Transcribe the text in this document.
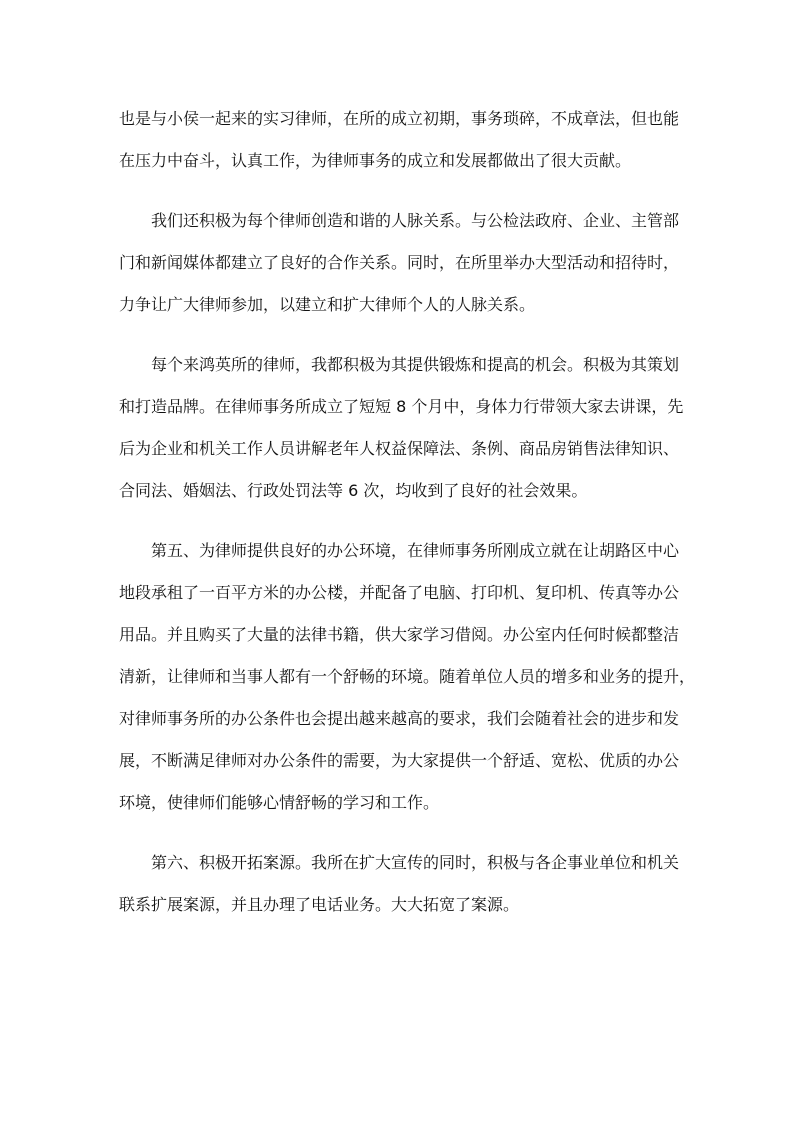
也是与小侯一起来的实习律师，在所的成立初期，事务琐碎，不成章法，但也能
在压力中奋斗，认真工作，为律师事务的成立和发展都做出了很大贡献。
我们还积极为每个律师创造和谐的人脉关系。与公检法政府、企业、主管部
门和新闻媒体都建立了良好的合作关系。同时，在所里举办大型活动和招待时，
力争让广大律师参加，以建立和扩大律师个人的人脉关系。
每个来鸿英所的律师，我都积极为其提供锻炼和提高的机会。积极为其策划
和打造品牌。在律师事务所成立了短短 8 个月中，身体力行带领大家去讲课，先
后为企业和机关工作人员讲解老年人权益保障法、条例、商品房销售法律知识、
合同法、婚姻法、行政处罚法等 6 次，均收到了良好的社会效果。
第五、为律师提供良好的办公环境，在律师事务所刚成立就在让胡路区中心
地段承租了一百平方米的办公楼，并配备了电脑、打印机、复印机、传真等办公
用品。并且购买了大量的法律书籍，供大家学习借阅。办公室内任何时候都整洁
清新，让律师和当事人都有一个舒畅的环境。随着单位人员的增多和业务的提升，
对律师事务所的办公条件也会提出越来越高的要求，我们会随着社会的进步和发
展，不断满足律师对办公条件的需要，为大家提供一个舒适、宽松、优质的办公
环境，使律师们能够心情舒畅的学习和工作。
第六、积极开拓案源。我所在扩大宣传的同时，积极与各企事业单位和机关
联系扩展案源，并且办理了电话业务。大大拓宽了案源。
